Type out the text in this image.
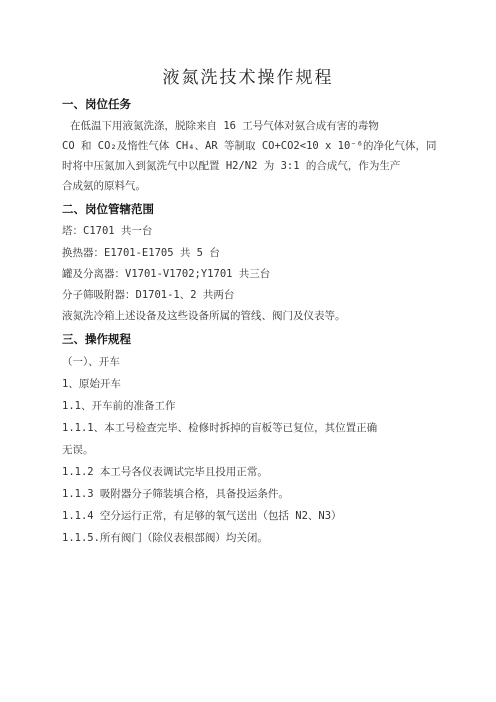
液氮洗技术操作规程
一、岗位任务
在低温下用液氮洗涤，脱除来自 16 工号气体对氨合成有害的毒物
CO 和 CO₂及惰性气体 CH₄、AR 等制取 CO+CO2<10 x 10⁻⁶的净化气体，同
时将中压氮加入到氮洗气中以配置 H2/N2 为 3:1 的合成气，作为生产
合成氨的原料气。
二、岗位管辖范围
塔：C1701 共一台
换热器：E1701-E1705 共 5 台
罐及分离器：V1701-V1702;Y1701 共三台
分子筛吸附器：D1701-1、2 共两台
液氮洗冷箱上述设备及这些设备所属的管线、阀门及仪表等。
三、操作规程
（一）、开车
1、原始开车
1.1、开车前的准备工作
1.1.1、本工号检查完毕、检修时拆掉的盲板等已复位，其位置正确
无误。
1.1.2 本工号各仪表调试完毕且投用正常。
1.1.3 吸附器分子筛装填合格，具备投运条件。
1.1.4 空分运行正常，有足够的氧气送出（包括 N2、N3）
1.1.5.所有阀门（除仪表根部阀）均关闭。
